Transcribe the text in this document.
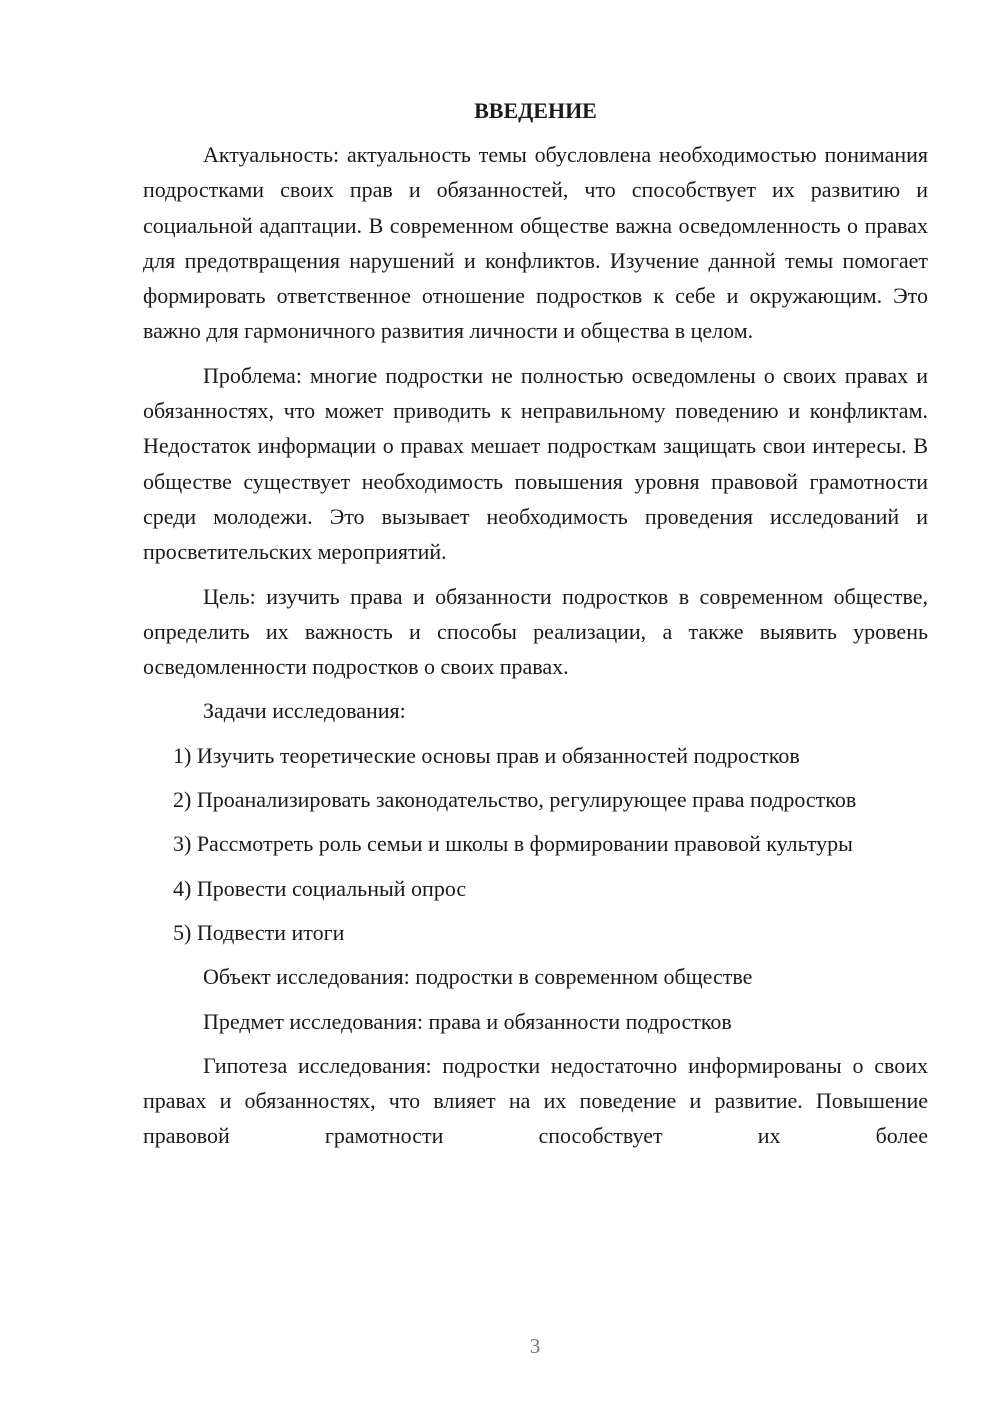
ВВЕДЕНИЕ

Актуальность: актуальность темы обусловлена необходимостью понимания подростками своих прав и обязанностей, что способствует их развитию и социальной адаптации. В современном обществе важна осведомленность о правах для предотвращения нарушений и конфликтов. Изучение данной темы помогает формировать ответственное отношение подростков к себе и окружающим. Это важно для гармоничного развития личности и общества в целом.

Проблема: многие подростки не полностью осведомлены о своих правах и обязанностях, что может приводить к неправильному поведению и конфликтам. Недостаток информации о правах мешает подросткам защищать свои интересы. В обществе существует необходимость повышения уровня правовой грамотности среди молодежи. Это вызывает необходимость проведения исследований и просветительских мероприятий.

Цель: изучить права и обязанности подростков в современном обществе, определить их важность и способы реализации, а также выявить уровень осведомленности подростков о своих правах.

Задачи исследования:

1) Изучить теоретические основы прав и обязанностей подростков

2) Проанализировать законодательство, регулирующее права подростков

3) Рассмотреть роль семьи и школы в формировании правовой культуры

4) Провести социальный опрос

5) Подвести итоги

Объект исследования: подростки в современном обществе

Предмет исследования: права и обязанности подростков

Гипотеза исследования: подростки недостаточно информированы о своих правах и обязанностях, что влияет на их поведение и развитие. Повышение правовой грамотности способствует их более

3
